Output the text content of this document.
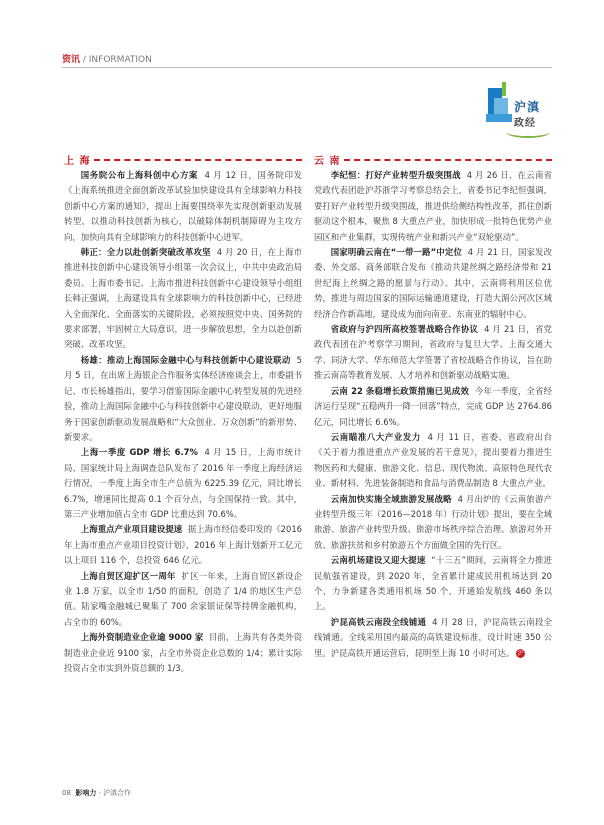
资讯 / INFORMATION
沪滇
政经
上 海

国务院公布上海科创中心方案 4 月 12 日，国务院印发《上海系统推进全面创新改革试验加快建设具有全球影响力科技创新中心方案的通知》，提出上海要围绕率先实现创新驱动发展转型，以推动科技创新为核心，以破除体制机制障碍为主攻方向，加快向具有全球影响力的科技创新中心进军。

韩正：全力以赴创新突破改革攻坚 4 月 20 日，在上海市推进科技创新中心建设领导小组第一次会议上，中共中央政治局委员、上海市委书记、上海市推进科技创新中心建设领导小组组长韩正强调，上海建设具有全球影响力的科技创新中心，已经进入全面深化、全面落实的关键阶段，必须按照党中央、国务院的要求部署，牢固树立大局意识，进一步解放思想，全力以赴创新突破、改革攻坚。

杨雄：推动上海国际金融中心与科技创新中心建设联动 5 月 5 日，在出席上海银企合作服务实体经济座谈会上，市委副书记、市长杨雄指出，要学习借鉴国际金融中心转型发展的先进经验，推动上海国际金融中心与科技创新中心建设联动，更好地服务于国家创新驱动发展战略和“大众创业、万众创新”的新形势、新要求。

上海一季度 GDP 增长 6.7% 4 月 15 日，上海市统计局、国家统计局上海调查总队发布了 2016 年一季度上海经济运行情况，一季度上海全市生产总值为 6225.39 亿元，同比增长 6.7%，增速同比提高 0.1 个百分点，与全国保持一致。其中，第三产业增加值占全市 GDP 比重达到 70.6%。

上海重点产业项目建设提速 据上海市经信委印发的《2016 年上海市重点产业项目投资计划》，2016 年上海计划新开工亿元以上项目 116 个，总投资 646 亿元。

上海自贸区迎扩区一周年 扩区一年来，上海自贸区新设企业 1.8 万家，以全市 1/50 的面积，创造了 1/4 的地区生产总值。陆家嘴金融城已聚集了 700 余家银证保等持牌金融机构，占全市的 60%。

上海外资制造业企业逾 9000 家 目前，上海共有各类外资制造业企业近 9100 家，占全市外资企业总数的 1/4；累计实际投资占全市实到外资总额的 1/3。

云 南

李纪恒：打好产业转型升级突围战 4 月 26 日，在云南省党政代表团赴沪苏浙学习考察总结会上，省委书记李纪恒强调，要打好产业转型升级突围战，推进供给侧结构性改革，抓住创新驱动这个根本，聚焦 8 大重点产业，加快形成一批特色优势产业园区和产业集群，实现传统产业和新兴产业“双轮驱动”。

国家明确云南在“一带一路”中定位 4 月 21 日，国家发改委、外交部、商务部联合发布《推动共建丝绸之路经济带和 21 世纪海上丝绸之路的愿景与行动》。其中，云南将利用区位优势，推进与周边国家的国际运输通道建设，打造大湄公河次区域经济合作新高地，建设成为面向南亚、东南亚的辐射中心。

省政府与沪四所高校签署战略合作协议 4 月 21 日，省党政代表团在沪考察学习期间，省政府与复旦大学、上海交通大学、同济大学、华东师范大学签署了省校战略合作协议，旨在助推云南高等教育发展、人才培养和创新驱动战略实施。

云南 22 条稳增长政策措施已见成效 今年一季度，全省经济运行呈现“五稳两升一降一回落”特点，完成 GDP 达 2764.86 亿元，同比增长 6.6%。

云南瞄准八大产业发力 4 月 11 日，省委、省政府出台《关于着力推进重点产业发展的若干意见》，提出要着力推进生物医药和大健康、旅游文化、信息、现代物流、高原特色现代农业、新材料、先进装备制造和食品与消费品制造 8 大重点产业。

云南加快实施全域旅游发展战略 4 月出炉的《云南旅游产业转型升级三年（2016—2018 年）行动计划》提出，要在全域旅游、旅游产业转型升级、旅游市场秩序综合治理、旅游对外开放、旅游扶贫和乡村旅游五个方面做全国的先行区。

云南机场建设又迎大提速 “十三五”期间，云南将全力推进民航强省建设，到 2020 年，全省累计建成民用机场达到 20 个，力争新建各类通用机场 50 个，开通始发航线 460 条以上。

沪昆高铁云南段全线铺通 4 月 28 日，沪昆高铁云南段全线铺通。全线采用国内最高的高铁建设标准，设计时速 350 公里。沪昆高铁开通运营后，昆明至上海 10 小时可达。 沪

08 影响力 · 沪滇合作
